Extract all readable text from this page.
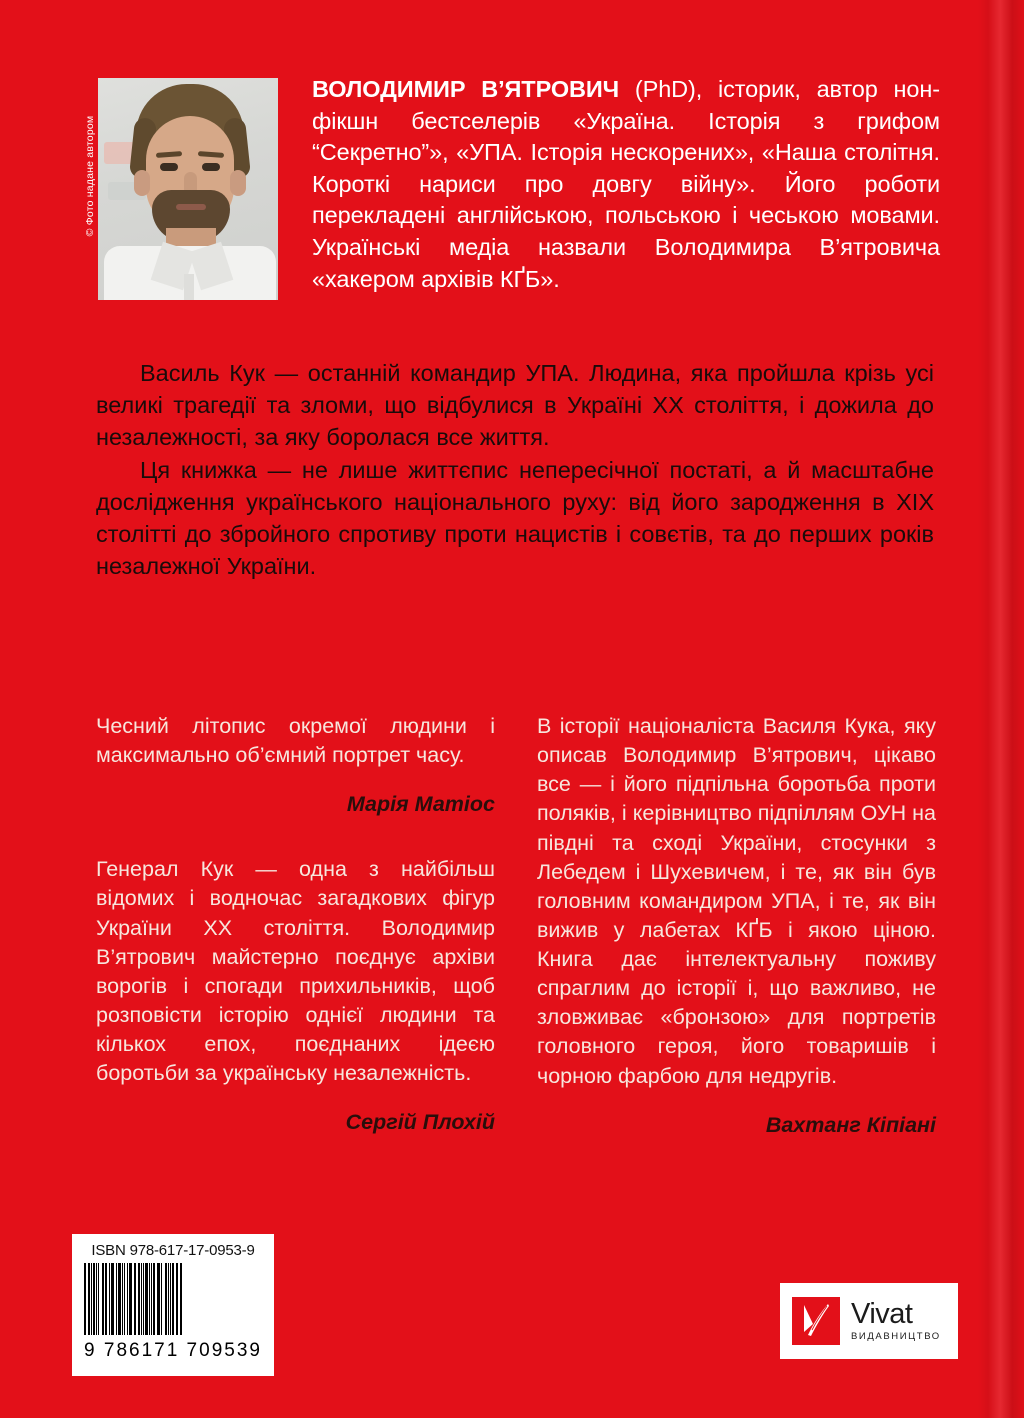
© Фото надане автором
ВОЛОДИМИР В’ЯТРОВИЧ (PhD), історик, автор нон-фікшн бестселерів «Україна. Історія з грифом “Секретно”», «УПА. Історія нескорених», «Наша столітня. Короткі нариси про довгу війну». Його роботи перекладені англійською, польською і чеською мовами. Українські медіа назвали Володимира В’ятровича «хакером архівів КҐБ».

Василь Кук — останній командир УПА. Людина, яка пройшла крізь усі великі трагедії та зломи, що відбулися в Україні ХХ століття, і дожила до незалежності, за яку боролася все життя.

Ця книжка — не лише життєпис непересічної постаті, а й масштабне дослідження українського національного руху: від його зародження в ХІХ столітті до збройного спротиву проти нацистів і совєтів, та до перших років незалежної України.

Чесний літопис окремої людини і максимально об’ємний портрет часу.

Марія Матіос

Генерал Кук — одна з найбільш відомих і водночас загадкових фігур України ХХ століття. Володимир В’ятрович майстерно поєднує архіви ворогів і спогади прихильників, щоб розповісти історію однієї людини та кількох епох, поєднаних ідеєю боротьби за українську незалежність.

Сергій Плохій

В історії націоналіста Василя Кука, яку описав Володимир В’ятрович, цікаво все — і його підпільна боротьба проти поляків, і керівництво підпіллям ОУН на півдні та сході України, стосунки з Лебедем і Шухевичем, і те, як він був головним командиром УПА, і те, як він вижив у лабетах КҐБ і якою ціною. Книга дає інтелектуальну поживу спраглим до історії і, що важливо, не зловживає «бронзою» для портретів головного героя, його товаришів і чорною фарбою для недругів.

Вахтанг Кіпіані
ISBN 978-617-17-0953-9
9 786171 709539
Vivat
ВИДАВНИЦТВО
